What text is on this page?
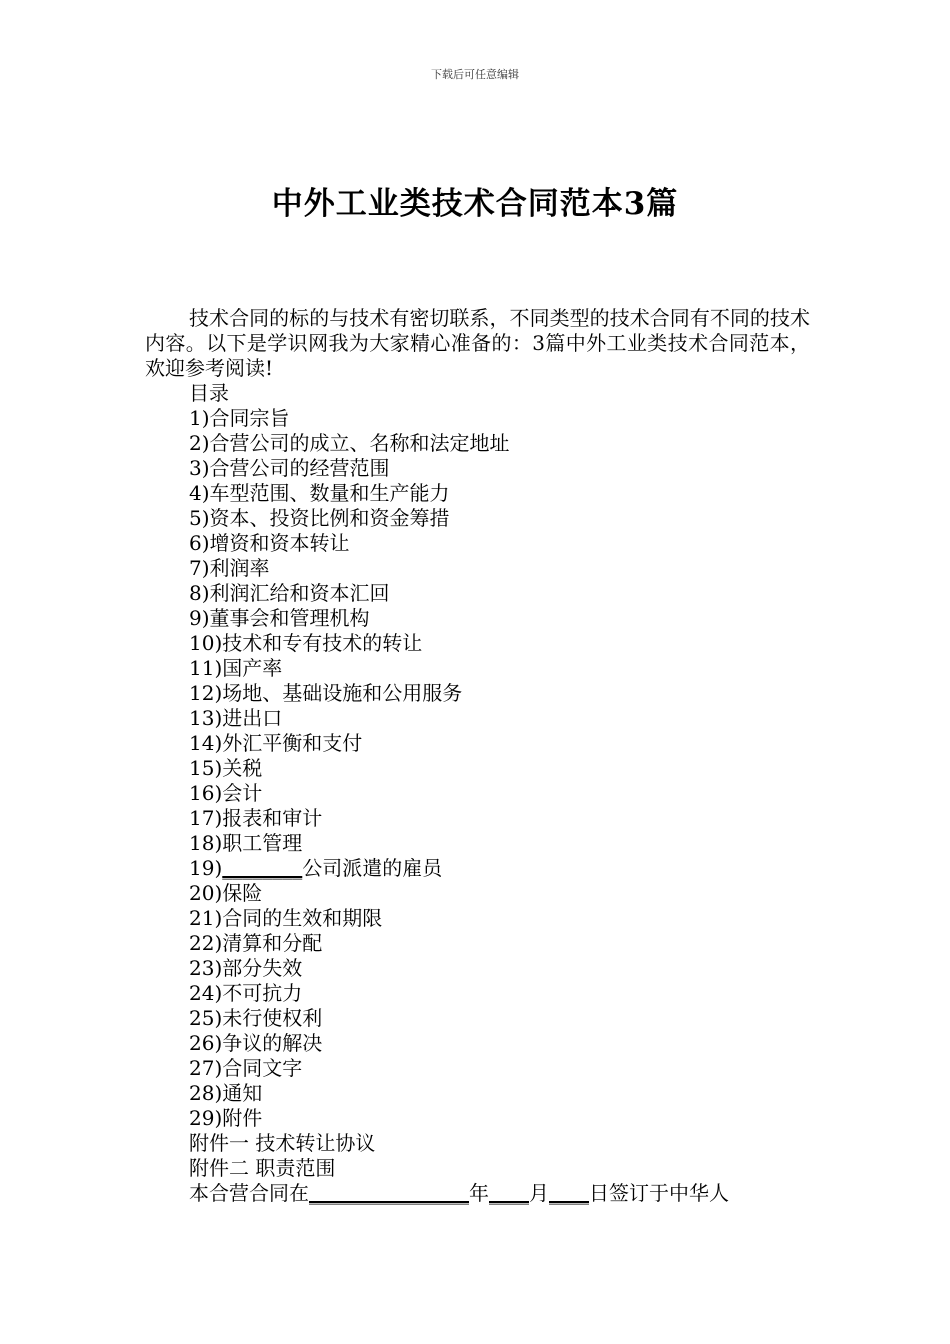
下载后可任意编辑
中外工业类技术合同范本3篇

技术合同的标的与技术有密切联系，不同类型的技术合同有不同的技术内容。以下是学识网我为大家精心准备的：3篇中外工业类技术合同范本，欢迎参考阅读!

目录
1)合同宗旨
2)合营公司的成立、名称和法定地址
3)合营公司的经营范围
4)车型范围、数量和生产能力
5)资本、投资比例和资金筹措
6)增资和资本转让
7)利润率
8)利润汇给和资本汇回
9)董事会和管理机构
10)技术和专有技术的转让
11)国产率
12)场地、基础设施和公用服务
13)进出口
14)外汇平衡和支付
15)关税
16)会计
17)报表和审计
18)职工管理
19)________公司派遣的雇员
20)保险
21)合同的生效和期限
22)清算和分配
23)部分失效
24)不可抗力
25)未行使权利
26)争议的解决
27)合同文字
28)通知
29)附件
附件一 技术转让协议
附件二 职责范围
本合营合同在________________年____月____日签订于中华人
